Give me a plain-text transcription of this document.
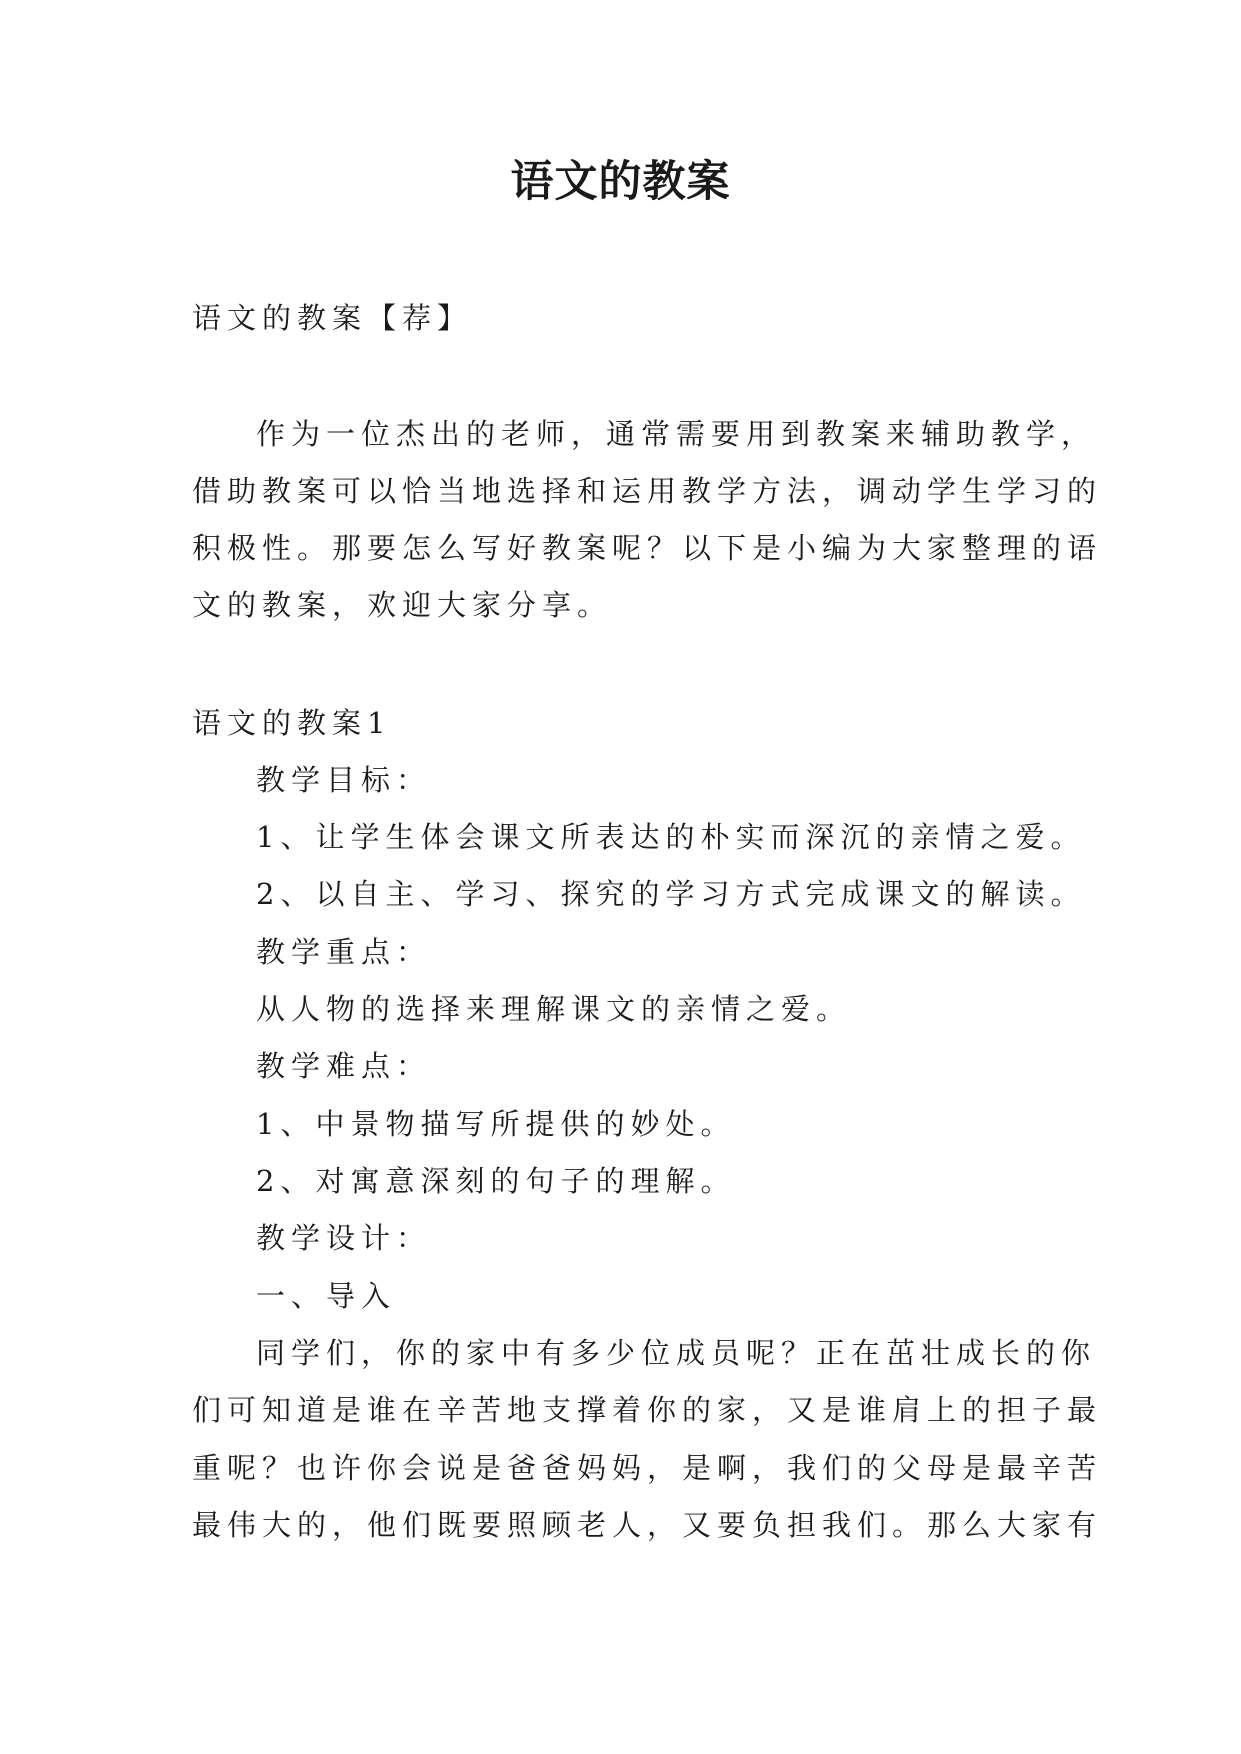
语文的教案
语文的教案【荐】
作为一位杰出的老师，通常需要用到教案来辅助教学，
借助教案可以恰当地选择和运用教学方法，调动学生学习的
积极性。那要怎么写好教案呢？以下是小编为大家整理的语
文的教案，欢迎大家分享。
语文的教案1
教学目标：
1、让学生体会课文所表达的朴实而深沉的亲情之爱。
2、以自主、学习、探究的学习方式完成课文的解读。
教学重点：
从人物的选择来理解课文的亲情之爱。
教学难点：
1、中景物描写所提供的妙处。
2、对寓意深刻的句子的理解。
教学设计：
一、导入
同学们，你的家中有多少位成员呢？正在茁壮成长的你
们可知道是谁在辛苦地支撑着你的家，又是谁肩上的担子最
重呢？也许你会说是爸爸妈妈，是啊，我们的父母是最辛苦
最伟大的，他们既要照顾老人，又要负担我们。那么大家有
